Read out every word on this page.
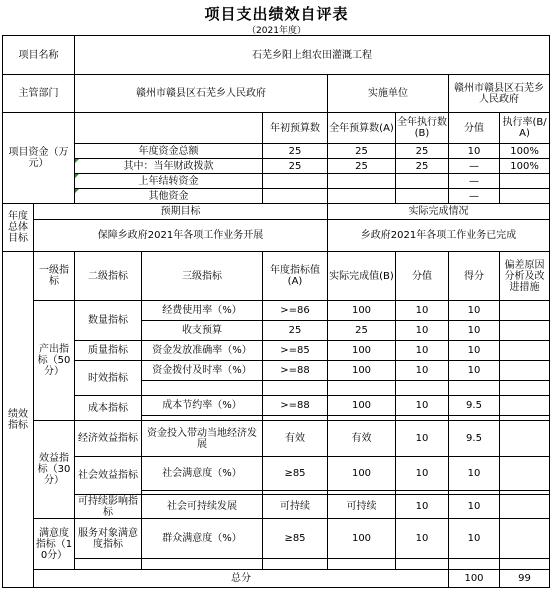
项目支出绩效自评表
（2021年度）
项目名称		石芜乡阳上组农田灌溉工程							
主管部门		赣州市赣县区石芜乡人民政府			实施单位		赣州市赣县区石芜乡人民政府		
项目资金（万元）				年初预算数	全年预算数(A)	全年执行数(B)	分值	执行率(B/A)	
		年度资金总额		25	25	25	10	100%	
		其中：当年财政拨款		25	25	25	—	100%	
		上年结转资金					—		
		其他资金					—		
年度总体目标	预期目标				实际完成情况				
	保障乡政府2021年各项工作业务开展				乡政府2021年各项工作业务已完成				
绩效指标	一级指标	二级指标	三级指标	年度指标值(A)	实际完成值(B)	分值	得分	偏差原因分析及改进措施	
	产出指标（50分）	数量指标	经费使用率（%）	>=86	100	10	10		
			收支预算	25	25	10	10		
		质量指标	资金发放准确率（%）	>=85	100	10	10		
		时效指标	资金拨付及时率（%）	>=88	100	10	10		

		成本指标	成本节约率（%）	>=88	100	10	9.5		

	效益指标（30分）	经济效益指标	资金投入带动当地经济发展	有效	有效	10	9.5		
		社会效益指标	社会满意度（%）	≥85	100	10	10		

		可持续影响指标	社会可持续发展	可持续	可持续	10	10		
	满意度指标（10分）	服务对象满意度指标	群众满意度（%）	≥85	100	10	10		

	总分						100	99	
